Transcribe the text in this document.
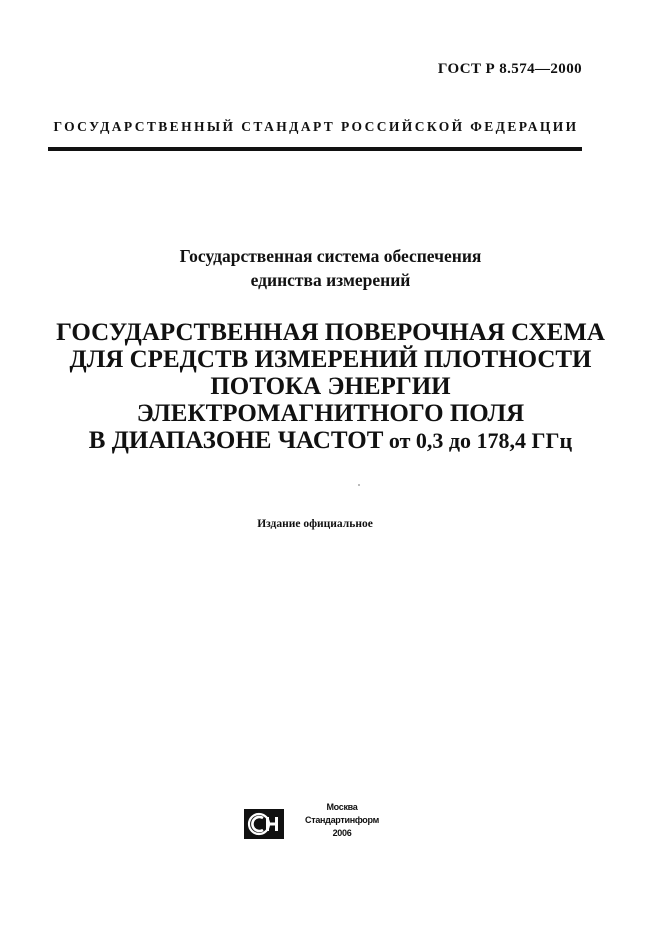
ГОСТ Р 8.574—2000
ГОСУДАРСТВЕННЫЙ СТАНДАРТ РОССИЙСКОЙ ФЕДЕРАЦИИ
Государственная система обеспечения
единства измерений
ГОСУДАРСТВЕННАЯ ПОВЕРОЧНАЯ СХЕМА
ДЛЯ СРЕДСТВ ИЗМЕРЕНИЙ ПЛОТНОСТИ
ПОТОКА ЭНЕРГИИ
ЭЛЕКТРОМАГНИТНОГО ПОЛЯ
В ДИАПАЗОНЕ ЧАСТОТ от 0,3 до 178,4 ГГц
Издание официальное
Москва
Стандартинформ
2006
